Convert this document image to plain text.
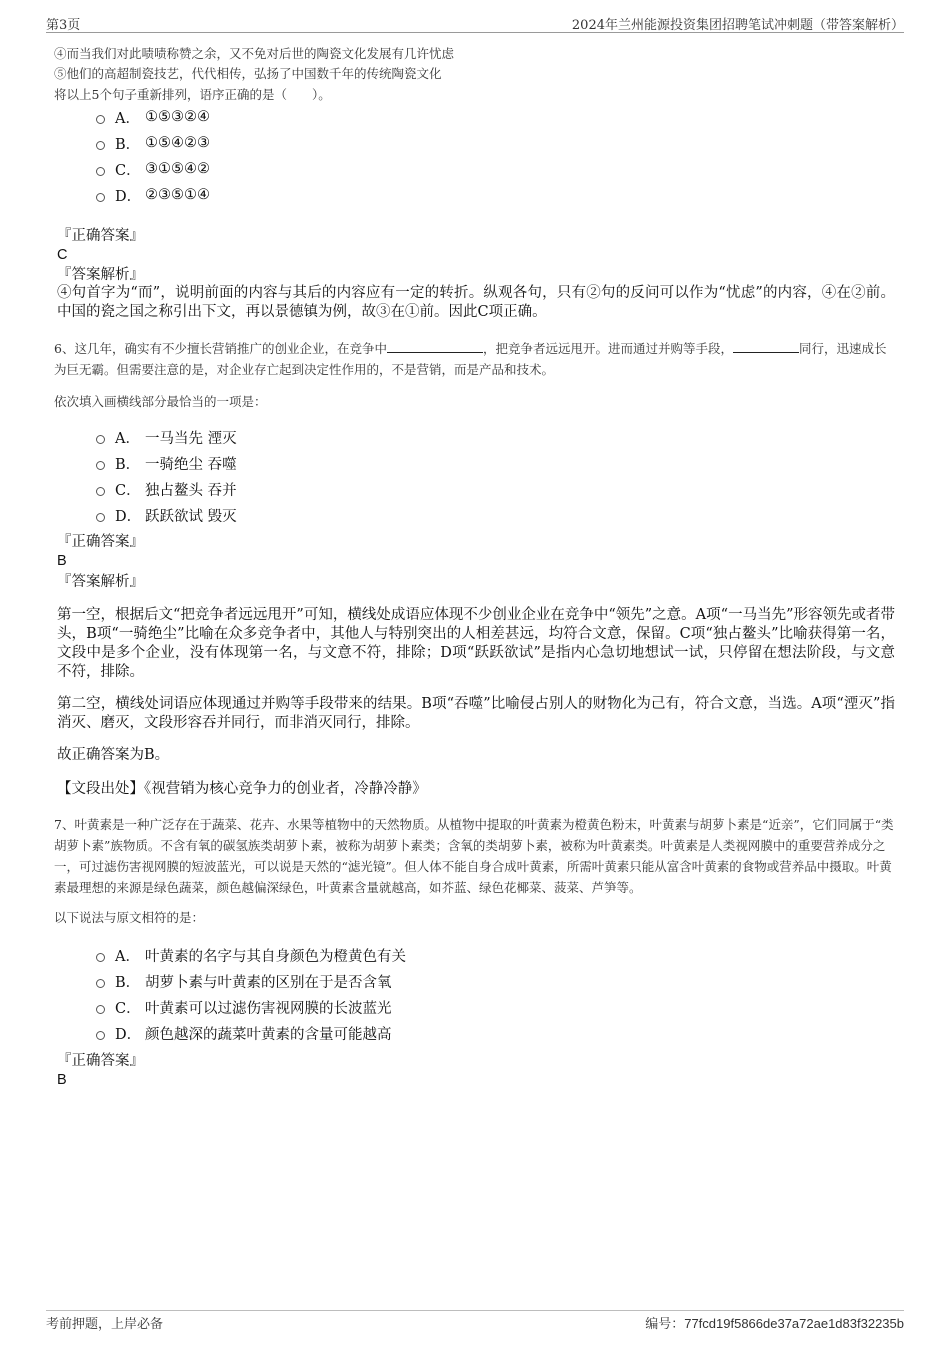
第3页	2024年兰州能源投资集团招聘笔试冲刺题（带答案解析）
④而当我们对此啧啧称赞之余，又不免对后世的陶瓷文化发展有几许忧虑
⑤他们的高超制瓷技艺，代代相传，弘扬了中国数千年的传统陶瓷文化
将以上5个句子重新排列，语序正确的是（　　）。
A． ①⑤③②④
B． ①⑤④②③
C． ③①⑤④②
D． ②③⑤①④
『正确答案』
C
『答案解析』
④句首字为“而”，说明前面的内容与其后的内容应有一定的转折。纵观各句，只有②句的反问可以作为“忧虑”的内容，④在②前。中国的瓷之国之称引出下文，再以景德镇为例，故③在①前。因此C项正确。
6、这几年，确实有不少擅长营销推广的创业企业，在竞争中	，把竞争者远远甩开。进而通过并购等手段，	同行，迅速成长为巨无霸。但需要注意的是，对企业存亡起到决定性作用的，不是营销，而是产品和技术。
依次填入画横线部分最恰当的一项是：
A． 一马当先 湮灭
B． 一骑绝尘 吞噬
C． 独占鳌头 吞并
D． 跃跃欲试 毁灭
『正确答案』
B
『答案解析』
第一空，根据后文“把竞争者远远甩开”可知，横线处成语应体现不少创业企业在竞争中“领先”之意。A项“一马当先”形容领先或者带头，B项“一骑绝尘”比喻在众多竞争者中，其他人与特别突出的人相差甚远，均符合文意，保留。C项“独占鳌头”比喻获得第一名，文段中是多个企业，没有体现第一名，与文意不符，排除；D项“跃跃欲试”是指内心急切地想试一试，只停留在想法阶段，与文意不符，排除。
第二空，横线处词语应体现通过并购等手段带来的结果。B项“吞噬”比喻侵占别人的财物化为己有，符合文意，当选。A项“湮灭”指消灭、磨灭，文段形容吞并同行，而非消灭同行，排除。
故正确答案为B。
【文段出处】《视营销为核心竞争力的创业者，冷静冷静》
7、叶黄素是一种广泛存在于蔬菜、花卉、水果等植物中的天然物质。从植物中提取的叶黄素为橙黄色粉末，叶黄素与胡萝卜素是“近亲”，它们同属于“类胡萝卜素”族物质。不含有氧的碳氢族类胡萝卜素，被称为胡萝卜素类；含氧的类胡萝卜素，被称为叶黄素类。叶黄素是人类视网膜中的重要营养成分之一，可过滤伤害视网膜的短波蓝光，可以说是天然的“滤光镜”。但人体不能自身合成叶黄素，所需叶黄素只能从富含叶黄素的食物或营养品中摄取。叶黄素最理想的来源是绿色蔬菜，颜色越偏深绿色，叶黄素含量就越高，如芥蓝、绿色花椰菜、菠菜、芦笋等。
以下说法与原文相符的是：
A． 叶黄素的名字与其自身颜色为橙黄色有关
B． 胡萝卜素与叶黄素的区别在于是否含氧
C． 叶黄素可以过滤伤害视网膜的长波蓝光
D． 颜色越深的蔬菜叶黄素的含量可能越高
『正确答案』
B
考前押题，上岸必备	编号：77fcd19f5866de37a72ae1d83f32235b
